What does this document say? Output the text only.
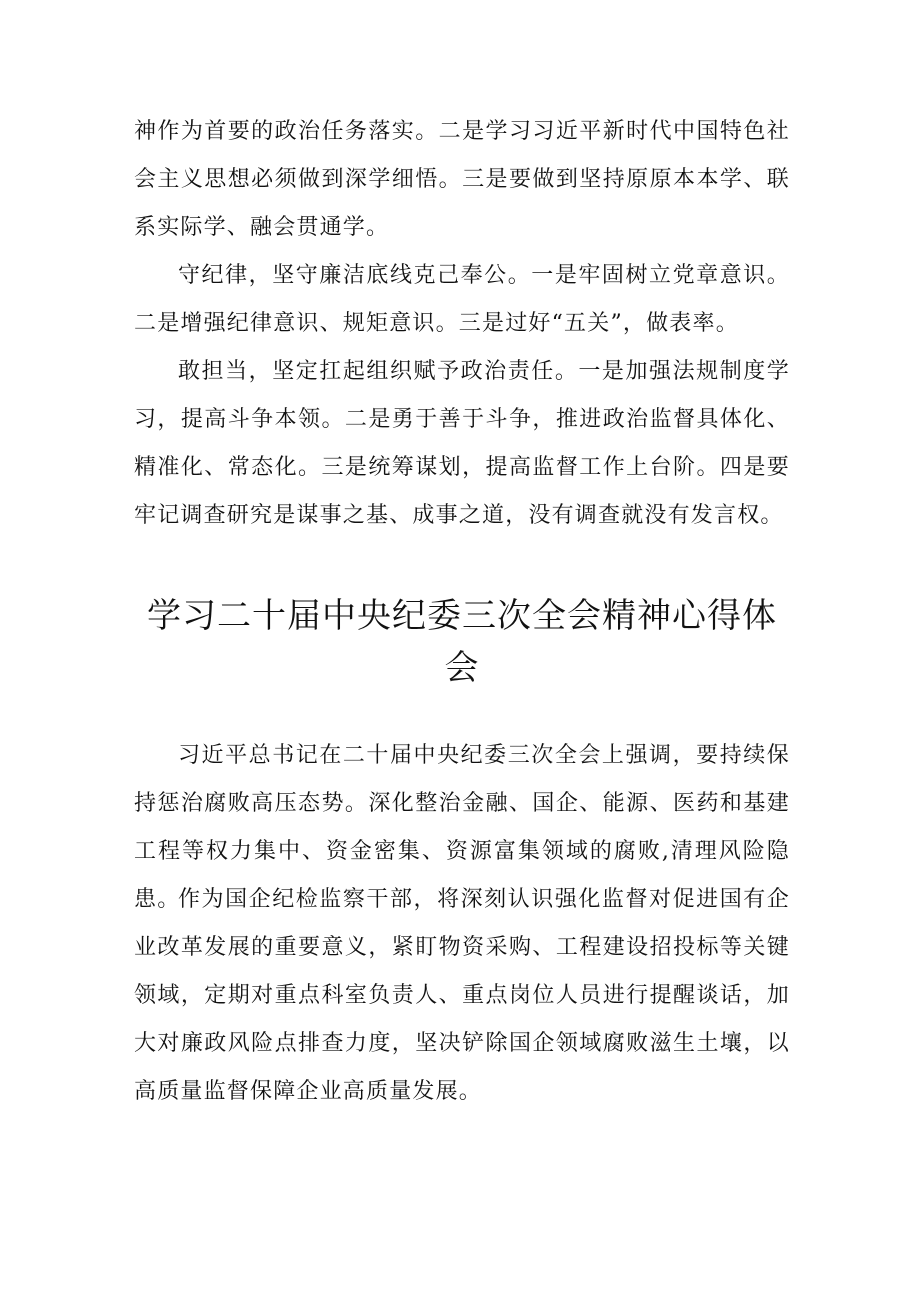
神作为首要的政治任务落实。二是学习习近平新时代中国特色社会主义思想必须做到深学细悟。三是要做到坚持原原本本学、联系实际学、融会贯通学。

守纪律，坚守廉洁底线克己奉公。一是牢固树立党章意识。二是增强纪律意识、规矩意识。三是过好“五关”，做表率。

敢担当，坚定扛起组织赋予政治责任。一是加强法规制度学习，提高斗争本领。二是勇于善于斗争，推进政治监督具体化、精准化、常态化。三是统筹谋划，提高监督工作上台阶。四是要牢记调查研究是谋事之基、成事之道，没有调查就没有发言权。

学习二十届中央纪委三次全会精神心得体会

习近平总书记在二十届中央纪委三次全会上强调，要持续保持惩治腐败高压态势。深化整治金融、国企、能源、医药和基建工程等权力集中、资金密集、资源富集领域的腐败,清理风险隐患。

作为国企纪检监察干部，将深刻认识强化监督对促进国有企业改革发展的重要意义，紧盯物资采购、工程建设招投标等关键领域，定期对重点科室负责人、重点岗位人员进行提醒谈话，加大对廉政风险点排查力度，坚决铲除国企领域腐败滋生土壤，以高质量监督保障企业高质量发展。
